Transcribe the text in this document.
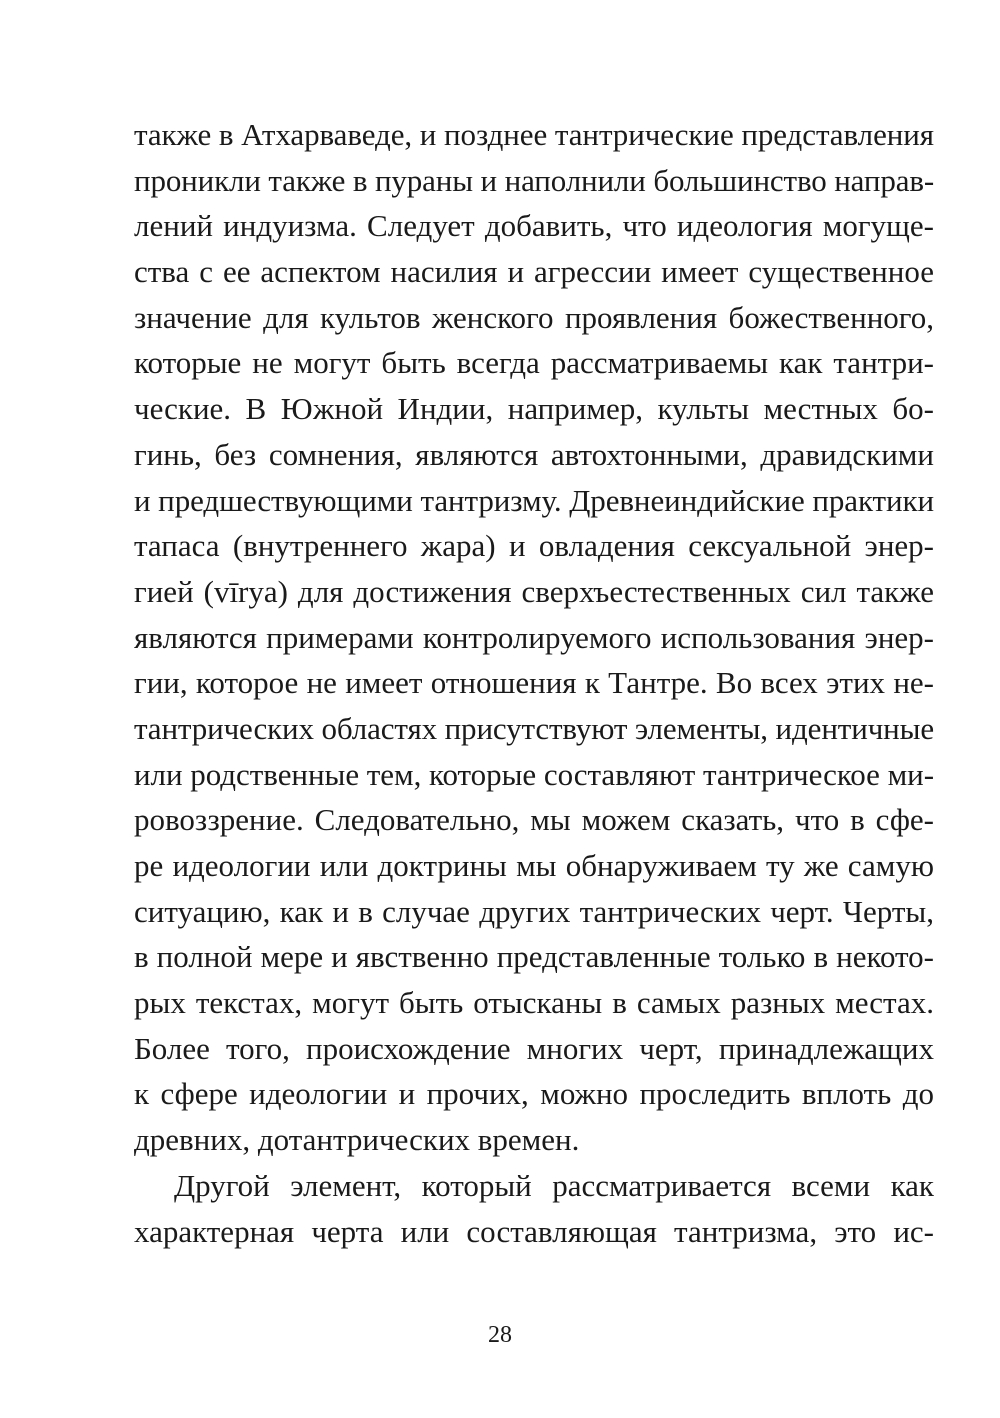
также в Атхарваведе, и позднее тантрические представления
проникли также в пураны и наполнили большинство направ-
лений индуизма. Следует добавить, что идеология могуще-
ства с ее аспектом насилия и агрессии имеет существенное
значение для культов женского проявления божественного,
которые не могут быть всегда рассматриваемы как тантри-
ческие. В Южной Индии, например, культы местных бо-
гинь, без сомнения, являются автохтонными, дравидскими
и предшествующими тантризму. Древнеиндийские практики
тапаса (внутреннего жара) и овладения сексуальной энер-
гией (vīrya) для достижения сверхъестественных сил также
являются примерами контролируемого использования энер-
гии, которое не имеет отношения к Тантре. Во всех этих не-
тантрических областях присутствуют элементы, идентичные
или родственные тем, которые составляют тантрическое ми-
ровоззрение. Следовательно, мы можем сказать, что в сфе-
ре идеологии или доктрины мы обнаруживаем ту же самую
ситуацию, как и в случае других тантрических черт. Черты,
в полной мере и явственно представленные только в некото-
рых текстах, могут быть отысканы в самых разных местах.
Более того, происхождение многих черт, принадлежащих
к сфере идеологии и прочих, можно проследить вплоть до
древних, дотантрических времен.
Другой элемент, который рассматривается всеми как
характерная черта или составляющая тантризма, это ис-
28
